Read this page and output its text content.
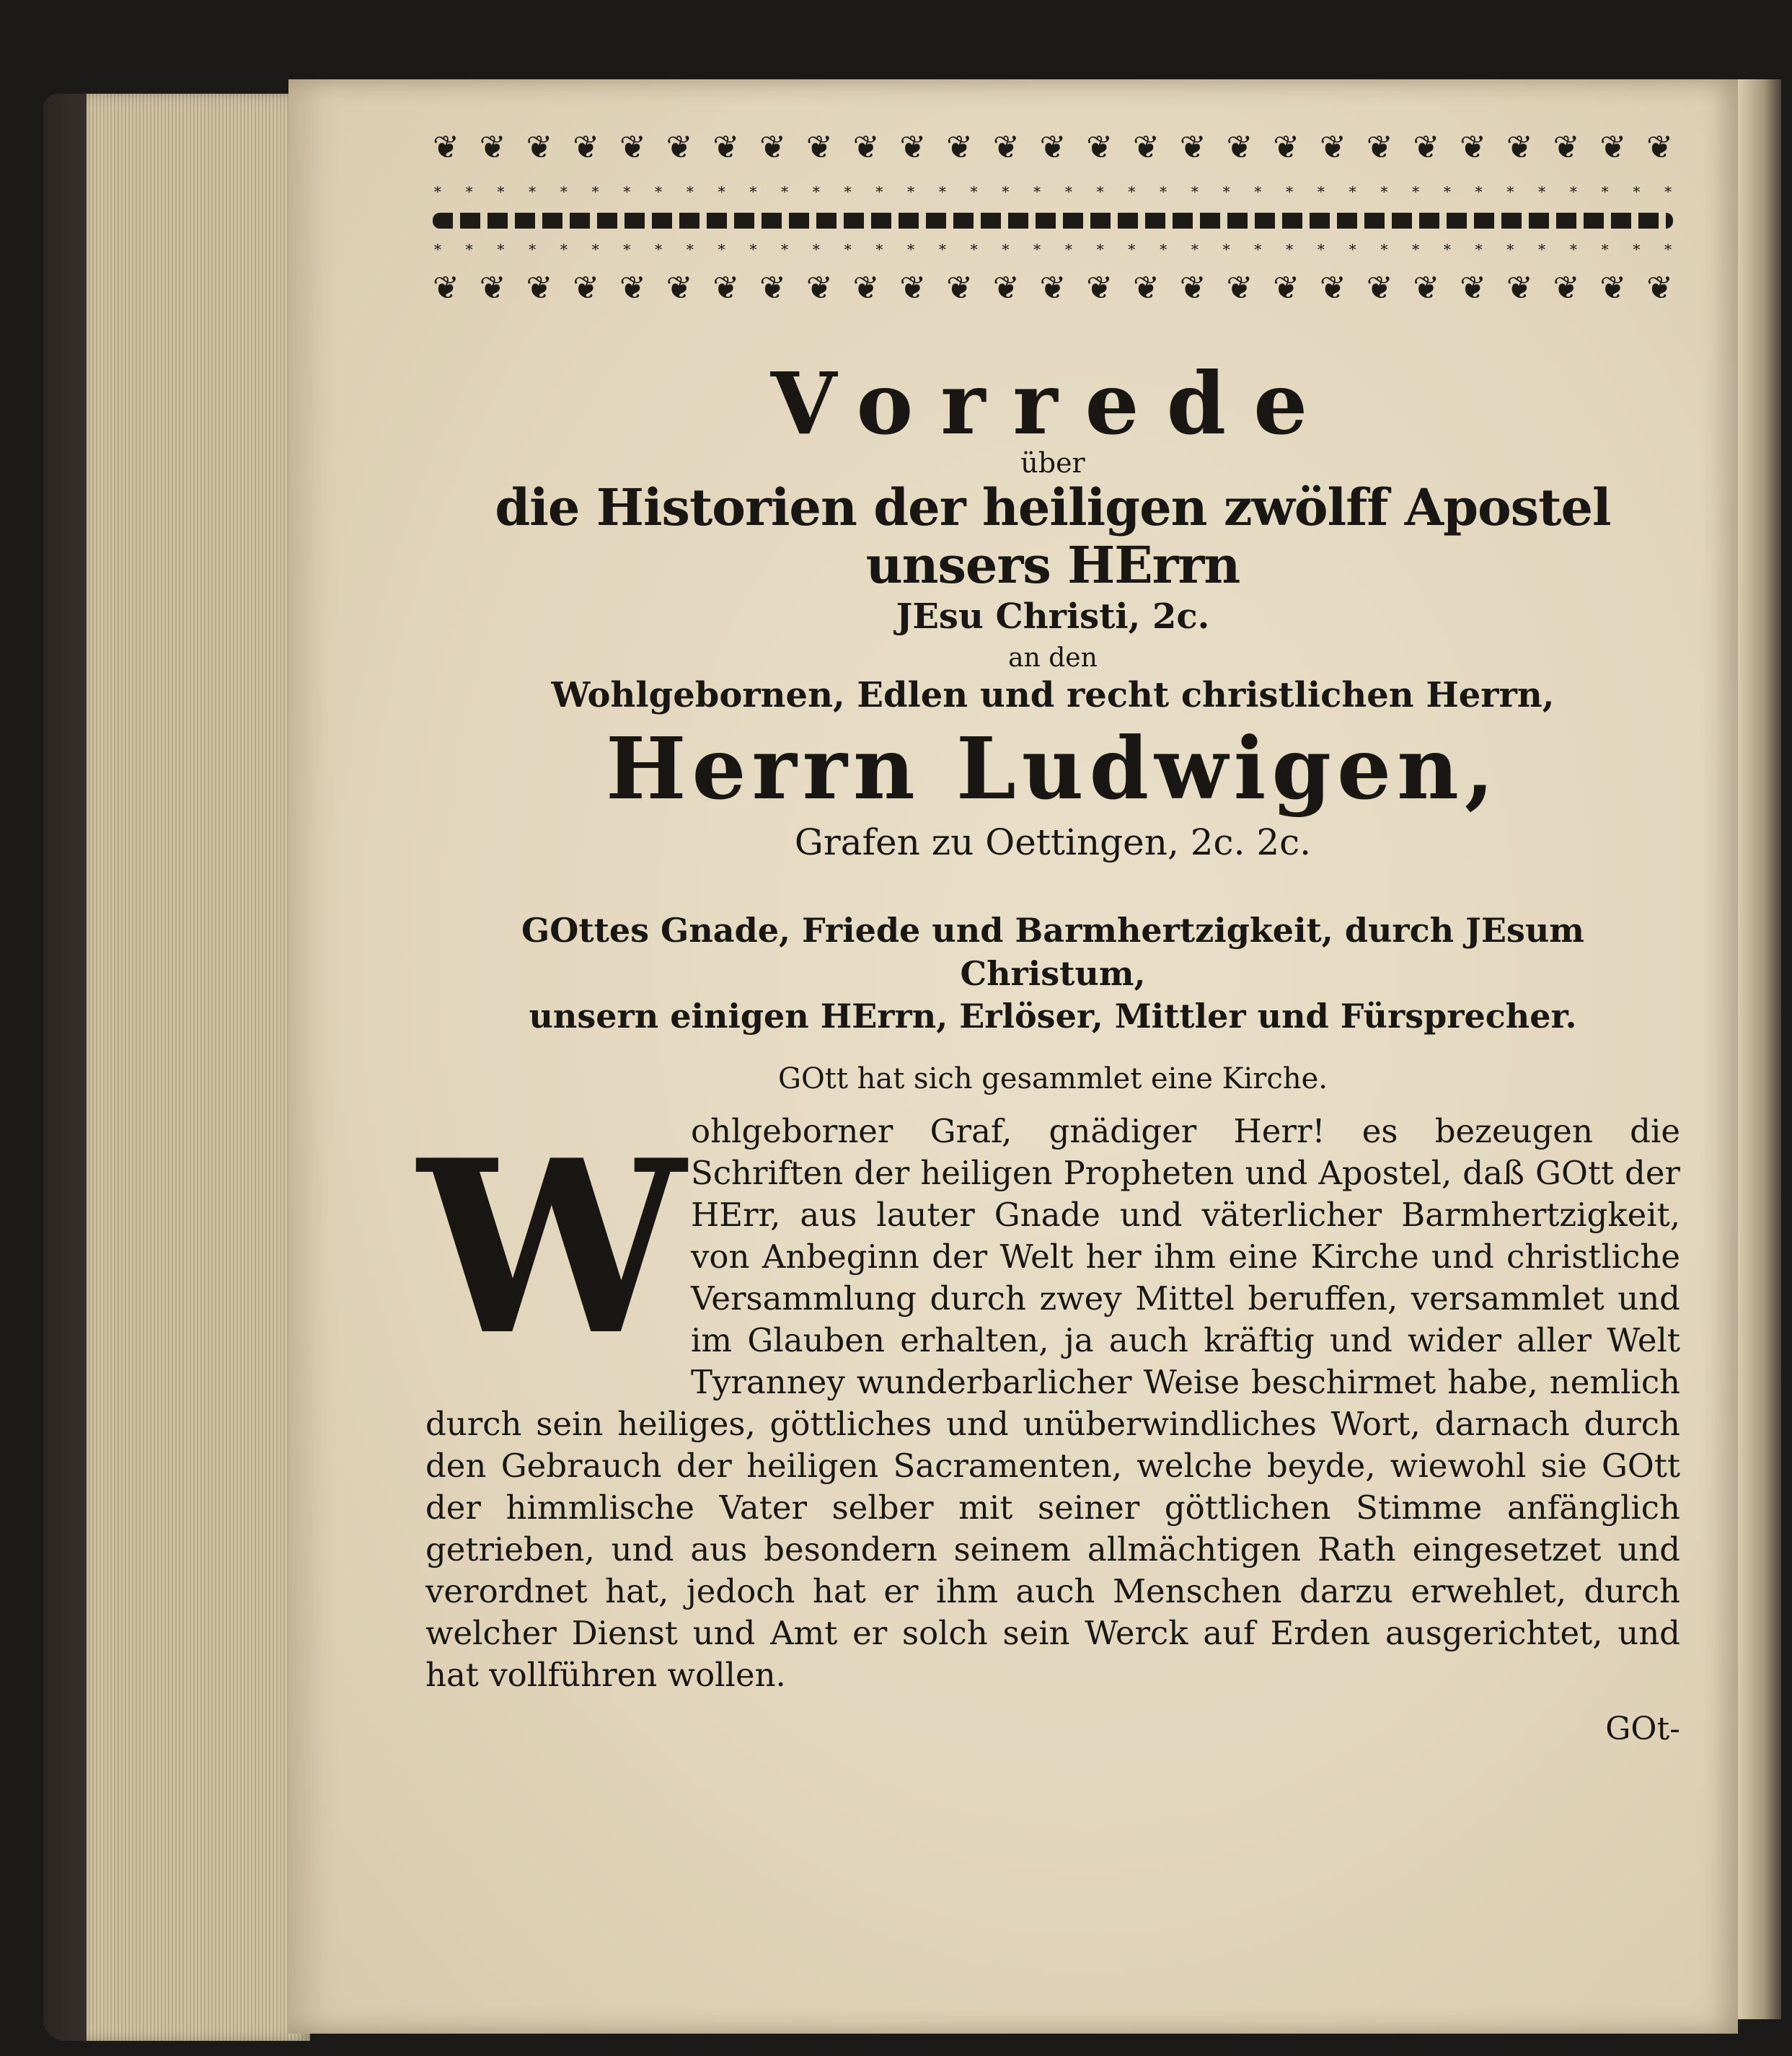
❦ ❦ ❦ ❦ ❦ ❦ ❦ ❦ ❦ ❦ ❦ ❦ ❦ ❦ ❦ ❦ ❦ ❦ ❦ ❦ ❦ ❦ ❦ ❦ ❦ ❦ ❦
∗ ∗ ∗ ∗ ∗ ∗ ∗ ∗ ∗ ∗ ∗ ∗ ∗ ∗ ∗ ∗ ∗ ∗ ∗ ∗ ∗ ∗ ∗ ∗ ∗ ∗ ∗ ∗ ∗ ∗ ∗ ∗ ∗ ∗ ∗ ∗ ∗ ∗ ∗ ∗
∗ ∗ ∗ ∗ ∗ ∗ ∗ ∗ ∗ ∗ ∗ ∗ ∗ ∗ ∗ ∗ ∗ ∗ ∗ ∗ ∗ ∗ ∗ ∗ ∗ ∗ ∗ ∗ ∗ ∗ ∗ ∗ ∗ ∗ ∗ ∗ ∗ ∗ ∗ ∗
❦ ❦ ❦ ❦ ❦ ❦ ❦ ❦ ❦ ❦ ❦ ❦ ❦ ❦ ❦ ❦ ❦ ❦ ❦ ❦ ❦ ❦ ❦ ❦ ❦ ❦ ❦
Vorrede
über
die Historien der heiligen zwölff Apostel unsers HErrn
JEsu Christi, 2c.
an den
Wohlgebornen, Edlen und recht christlichen Herrn,
Herrn Ludwigen,
Grafen zu Oettingen, 2c. 2c.
GOttes Gnade, Friede und Barmhertzigkeit, durch JEsum Christum,
unsern einigen HErrn, Erlöser, Mittler und Fürsprecher.
GOtt hat sich gesammlet eine Kirche.
W ohlgeborner Graf, gnädiger Herr! es bezeugen die Schriften der heiligen Propheten und Apostel, daß GOtt der HErr, aus lauter Gnade und väterlicher Barmhertzigkeit, von Anbeginn der Welt her ihm eine Kirche und christliche Versammlung durch zwey Mittel beruffen, versammlet und im Glauben erhalten, ja auch kräftig und wider aller Welt Tyranney wunderbarlicher Weise beschirmet habe, nemlich durch sein heiliges, göttliches und unüberwindliches Wort, darnach durch den Gebrauch der heiligen Sacramenten, welche beyde, wiewohl sie GOtt der himmlische Vater selber mit seiner göttlichen Stimme anfänglich getrieben, und aus besondern seinem allmächtigen Rath eingesetzet und verordnet hat, jedoch hat er ihm auch Menschen darzu erwehlet, durch welcher Dienst und Amt er solch sein Werck auf Erden ausgerichtet, und hat vollführen wollen.

GOt-
